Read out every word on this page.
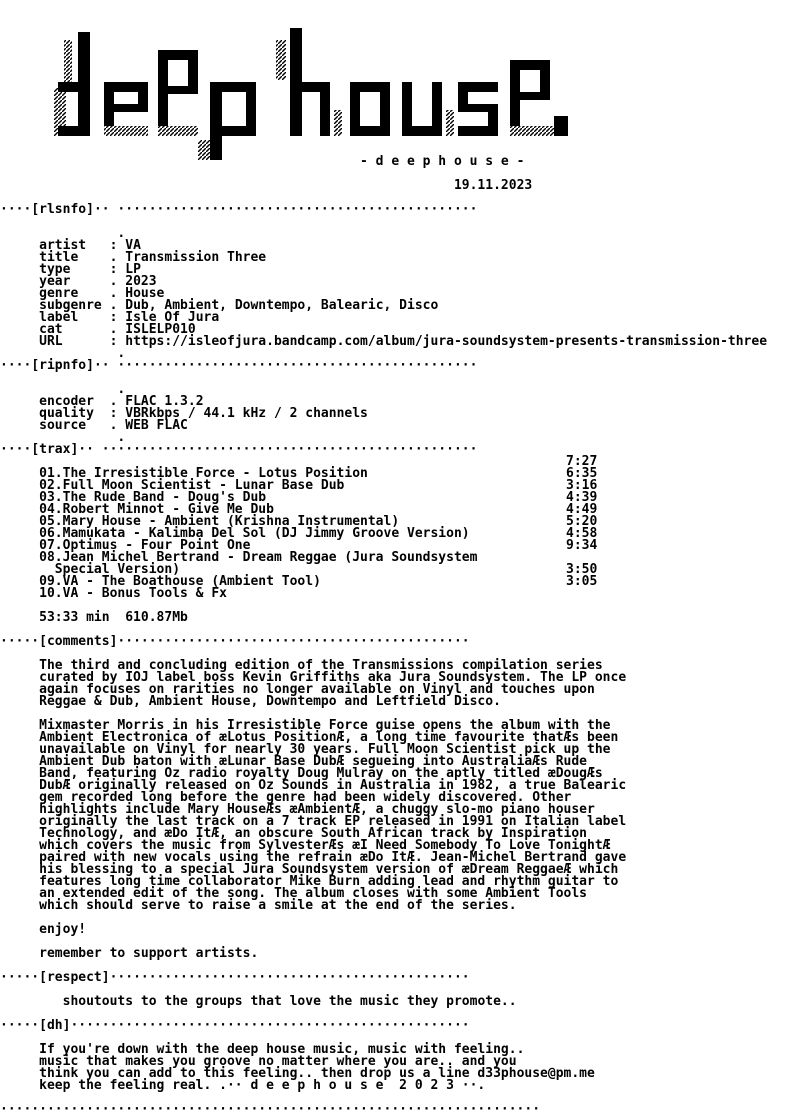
- d e e p h o u s e -

19.11.2023

····[rlsnfo]·· ··············································

.
artist   : VA
title    . Transmission Three
type     : LP
year     . 2023
genre    . House
subgenre . Dub, Ambient, Downtempo, Balearic, Disco
label    : Isle Of Jura
cat      . ISLELP010
URL      : https://isleofjura.bandcamp.com/album/jura-soundsystem-presents-transmission-three
.
····[ripnfo]·· ··············································

.
encoder  . FLAC 1.3.2
quality  : VBRkbps / 44.1 kHz / 2 channels
source   . WEB FLAC
.
····[trax]·· ················································

01.The Irresistible Force - Lotus Position
02.Full Moon Scientist - Lunar Base Dub
03.The Rude Band - Doug's Dub
04.Robert Minnot - Give Me Dub
05.Mary House - Ambient (Krishna Instrumental)
06.Mamukata - Kalimba Del Sol (DJ Jimmy Groove Version)
07.Optimus - Four Point One
08.Jean Michel Bertrand - Dream Reggae (Jura Soundsystem
Special Version)
09.VA - The Boathouse (Ambient Tool)
10.VA - Bonus Tools & Fx

53:33 min  610.87Mb

·····[comments]·············································

The third and concluding edition of the Transmissions compilation series
curated by IOJ label boss Kevin Griffiths aka Jura Soundsystem. The LP once
again focuses on rarities no longer available on Vinyl and touches upon
Reggae & Dub, Ambient House, Downtempo and Leftfield Disco.

Mixmaster Morris in his Irresistible Force guise opens the album with the
Ambient Electronica of æLotus PositionÆ, a long time favourite thatÆs been
unavailable on Vinyl for nearly 30 years. Full Moon Scientist pick up the
Ambient Dub baton with æLunar Base DubÆ segueing into AustraliaÆs Rude
Band, featuring Oz radio royalty Doug Mulray on the aptly titled æDougÆs
DubÆ originally released on Oz Sounds in Australia in 1982, a true Balearic
gem recorded long before the genre had been widely discovered. Other
highlights include Mary HouseÆs æAmbientÆ, a chuggy slo-mo piano houser
originally the last track on a 7 track EP released in 1991 on Italian label
Technology, and æDo ItÆ, an obscure South African track by Inspiration
which covers the music from SylvesterÆs æI Need Somebody To Love TonightÆ
paired with new vocals using the refrain æDo ItÆ. Jean-Michel Bertrand gave
his blessing to a special Jura Soundsystem version of æDream ReggaeÆ which
features long time collaborator Mike Burn adding lead and rhythm guitar to
an extended edit of the song. The album closes with some Ambient Tools
which should serve to raise a smile at the end of the series.

enjoy!

remember to support artists.

·····[respect]··············································

shoutouts to the groups that love the music they promote..

·····[dh]···················································

If you're down with the deep house music, music with feeling..
music that makes you groove no matter where you are.. and you
think you can add to this feeling.. then drop us a line d33phouse@pm.me
keep the feeling real. .·· d e e p h o u s e  2 0 2 3 ··.

·····································································
7:27
6:35
3:16
4:39
4:49
5:20
4:58
9:34

3:50
3:05
